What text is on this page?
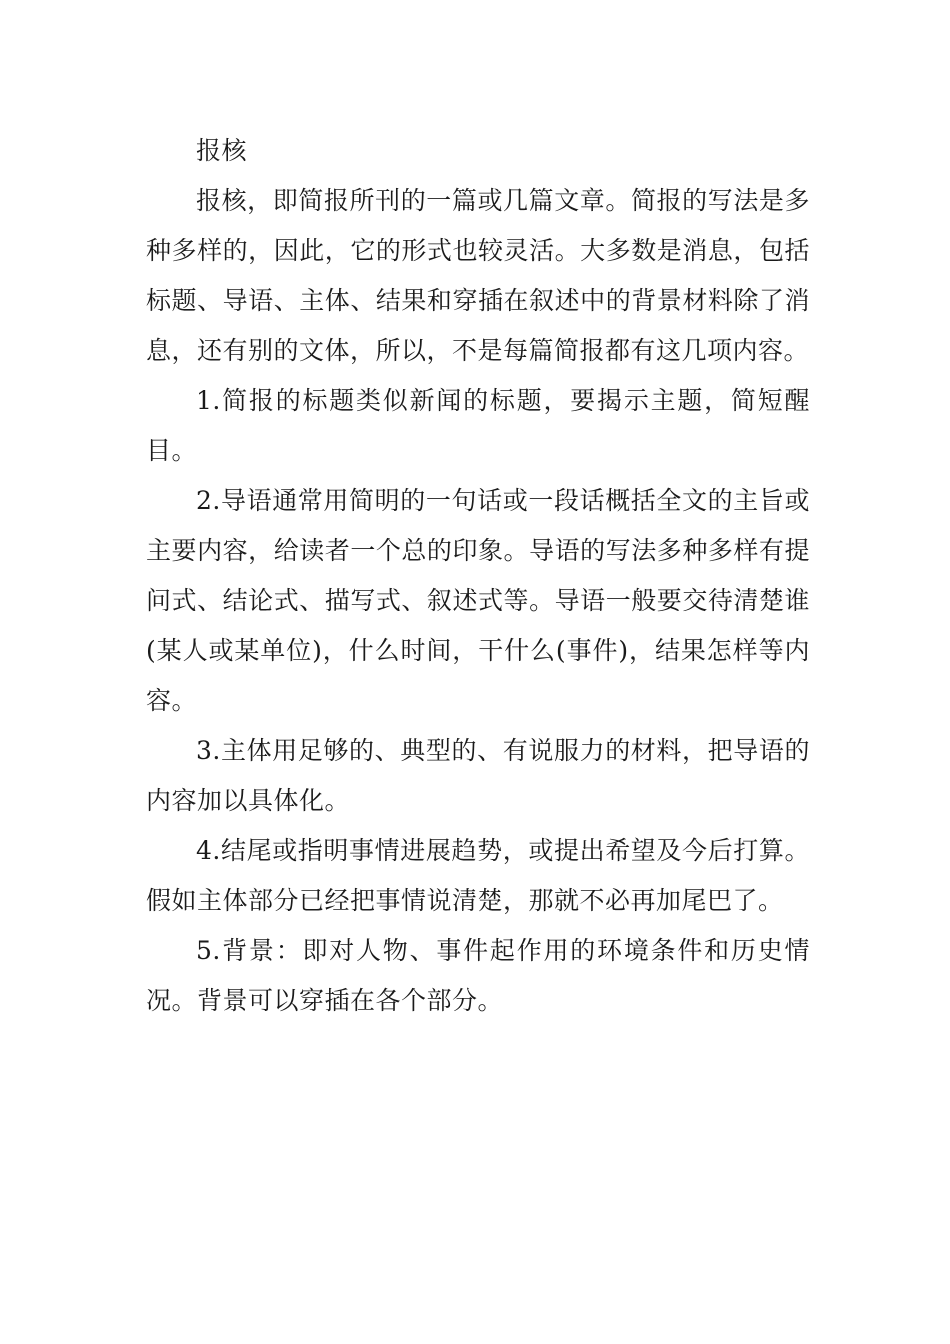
报核

报核，即简报所刊的一篇或几篇文章。简报的写法是多种多样的，因此，它的形式也较灵活。大多数是消息，包括标题、导语、主体、结果和穿插在叙述中的背景材料除了消息，还有别的文体，所以，不是每篇简报都有这几项内容。

1.简报的标题类似新闻的标题，要揭示主题，简短醒目。

2.导语通常用简明的一句话或一段话概括全文的主旨或主要内容，给读者一个总的印象。导语的写法多种多样有提问式、结论式、描写式、叙述式等。导语一般要交待清楚谁(某人或某单位)，什么时间，干什么(事件)，结果怎样等内容。

3.主体用足够的、典型的、有说服力的材料，把导语的内容加以具体化。

4.结尾或指明事情进展趋势，或提出希望及今后打算。假如主体部分已经把事情说清楚，那就不必再加尾巴了。

5.背景：即对人物、事件起作用的环境条件和历史情况。背景可以穿插在各个部分。
